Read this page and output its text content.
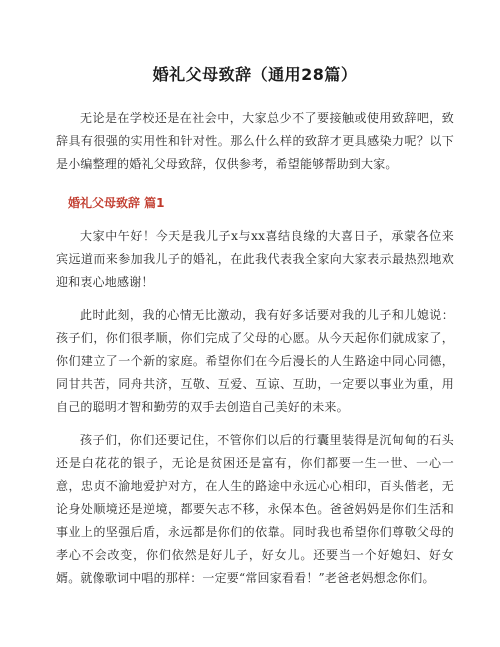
婚礼父母致辞（通用28篇）

无论是在学校还是在社会中，大家总少不了要接触或使用致辞吧，致辞具有很强的实用性和针对性。那么什么样的致辞才更具感染力呢？以下是小编整理的婚礼父母致辞，仅供参考，希望能够帮助到大家。

婚礼父母致辞 篇1

大家中午好！今天是我儿子x与xx喜结良缘的大喜日子，承蒙各位来宾远道而来参加我儿子的婚礼，在此我代表我全家向大家表示最热烈地欢迎和衷心地感谢！

此时此刻，我的心情无比激动，我有好多话要对我的儿子和儿媳说：孩子们，你们很孝顺，你们完成了父母的心愿。从今天起你们就成家了，你们建立了一个新的家庭。希望你们在今后漫长的人生路途中同心同德，同甘共苦，同舟共济，互敬、互爱、互谅、互助，一定要以事业为重，用自己的聪明才智和勤劳的双手去创造自己美好的未来。

孩子们，你们还要记住，不管你们以后的行囊里装得是沉甸甸的石头还是白花花的银子，无论是贫困还是富有，你们都要一生一世、一心一意，忠贞不渝地爱护对方，在人生的路途中永远心心相印，百头偕老，无论身处顺境还是逆境，都要矢志不移，永保本色。爸爸妈妈是你们生活和事业上的坚强后盾，永远都是你们的依靠。同时我也希望你们尊敬父母的孝心不会改变，你们依然是好儿子，好女儿。还要当一个好媳妇、好女婿。就像歌词中唱的那样：一定要“常回家看看！”老爸老妈想念你们。
